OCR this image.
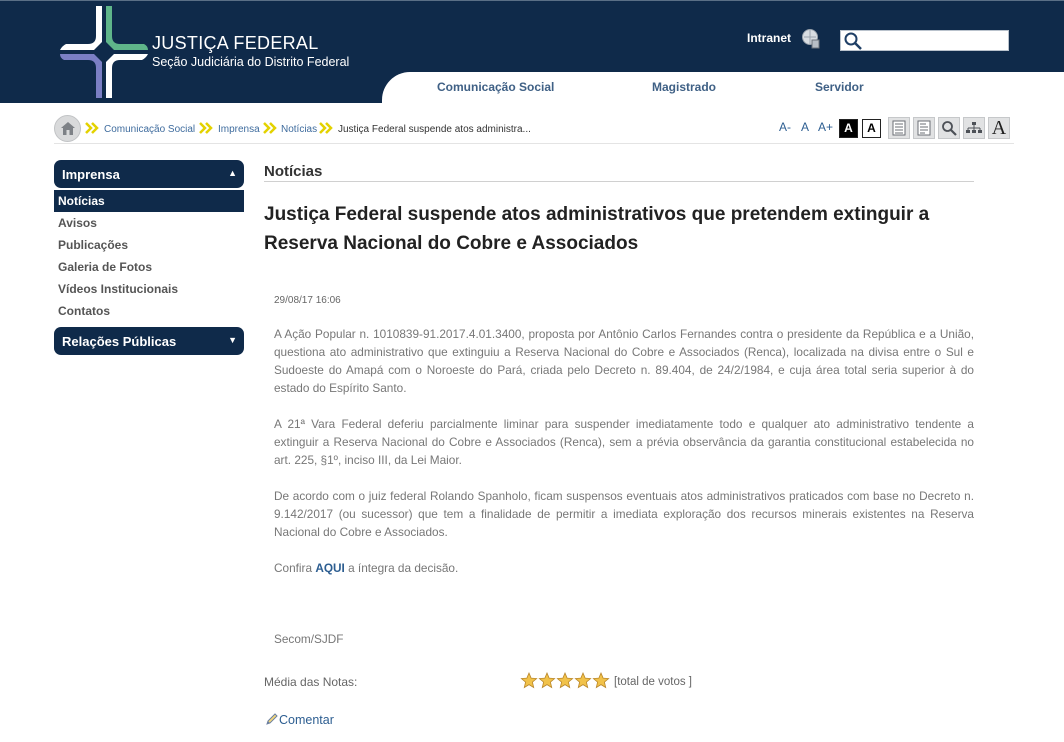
JUSTIÇA FEDERAL
Seção Judiciária do Distrito Federal
Intranet
Comunicação Social	Magistrado	Servidor
Comunicação Social Imprensa Notícias Justiça Federal suspende atos administra...	A- A A+ A	A	A
Imprensa	▲
Notícias
Avisos
Publicações
Galeria de Fotos
Vídeos Institucionais
Contatos
Relações Públicas	▼
Notícias
Justiça Federal suspende atos administrativos que pretendem extinguir a Reserva Nacional do Cobre e Associados
29/08/17 16:06

A Ação Popular n. 1010839-91.2017.4.01.3400, proposta por Antônio Carlos Fernandes contra o presidente da República e a União, questiona ato administrativo que extinguiu a Reserva Nacional do Cobre e Associados (Renca), localizada na divisa entre o Sul e Sudoeste do Amapá com o Noroeste do Pará, criada pelo Decreto n. 89.404, de 24/2/1984, e cuja área total seria superior à do estado do Espírito Santo.

A 21ª Vara Federal deferiu parcialmente liminar para suspender imediatamente todo e qualquer ato administrativo tendente a extinguir a Reserva Nacional do Cobre e Associados (Renca), sem a prévia observância da garantia constitucional estabelecida no art. 225, §1º, inciso III, da Lei Maior.

De acordo com o juiz federal Rolando Spanholo, ficam suspensos eventuais atos administrativos praticados com base no Decreto n. 9.142/2017 (ou sucessor) que tem a finalidade de permitir a imediata exploração dos recursos minerais existentes na Reserva Nacional do Cobre e Associados.

Confira AQUI a íntegra da decisão.

Secom/SJDF
Média das Notas:	[total de votos ]
Comentar
